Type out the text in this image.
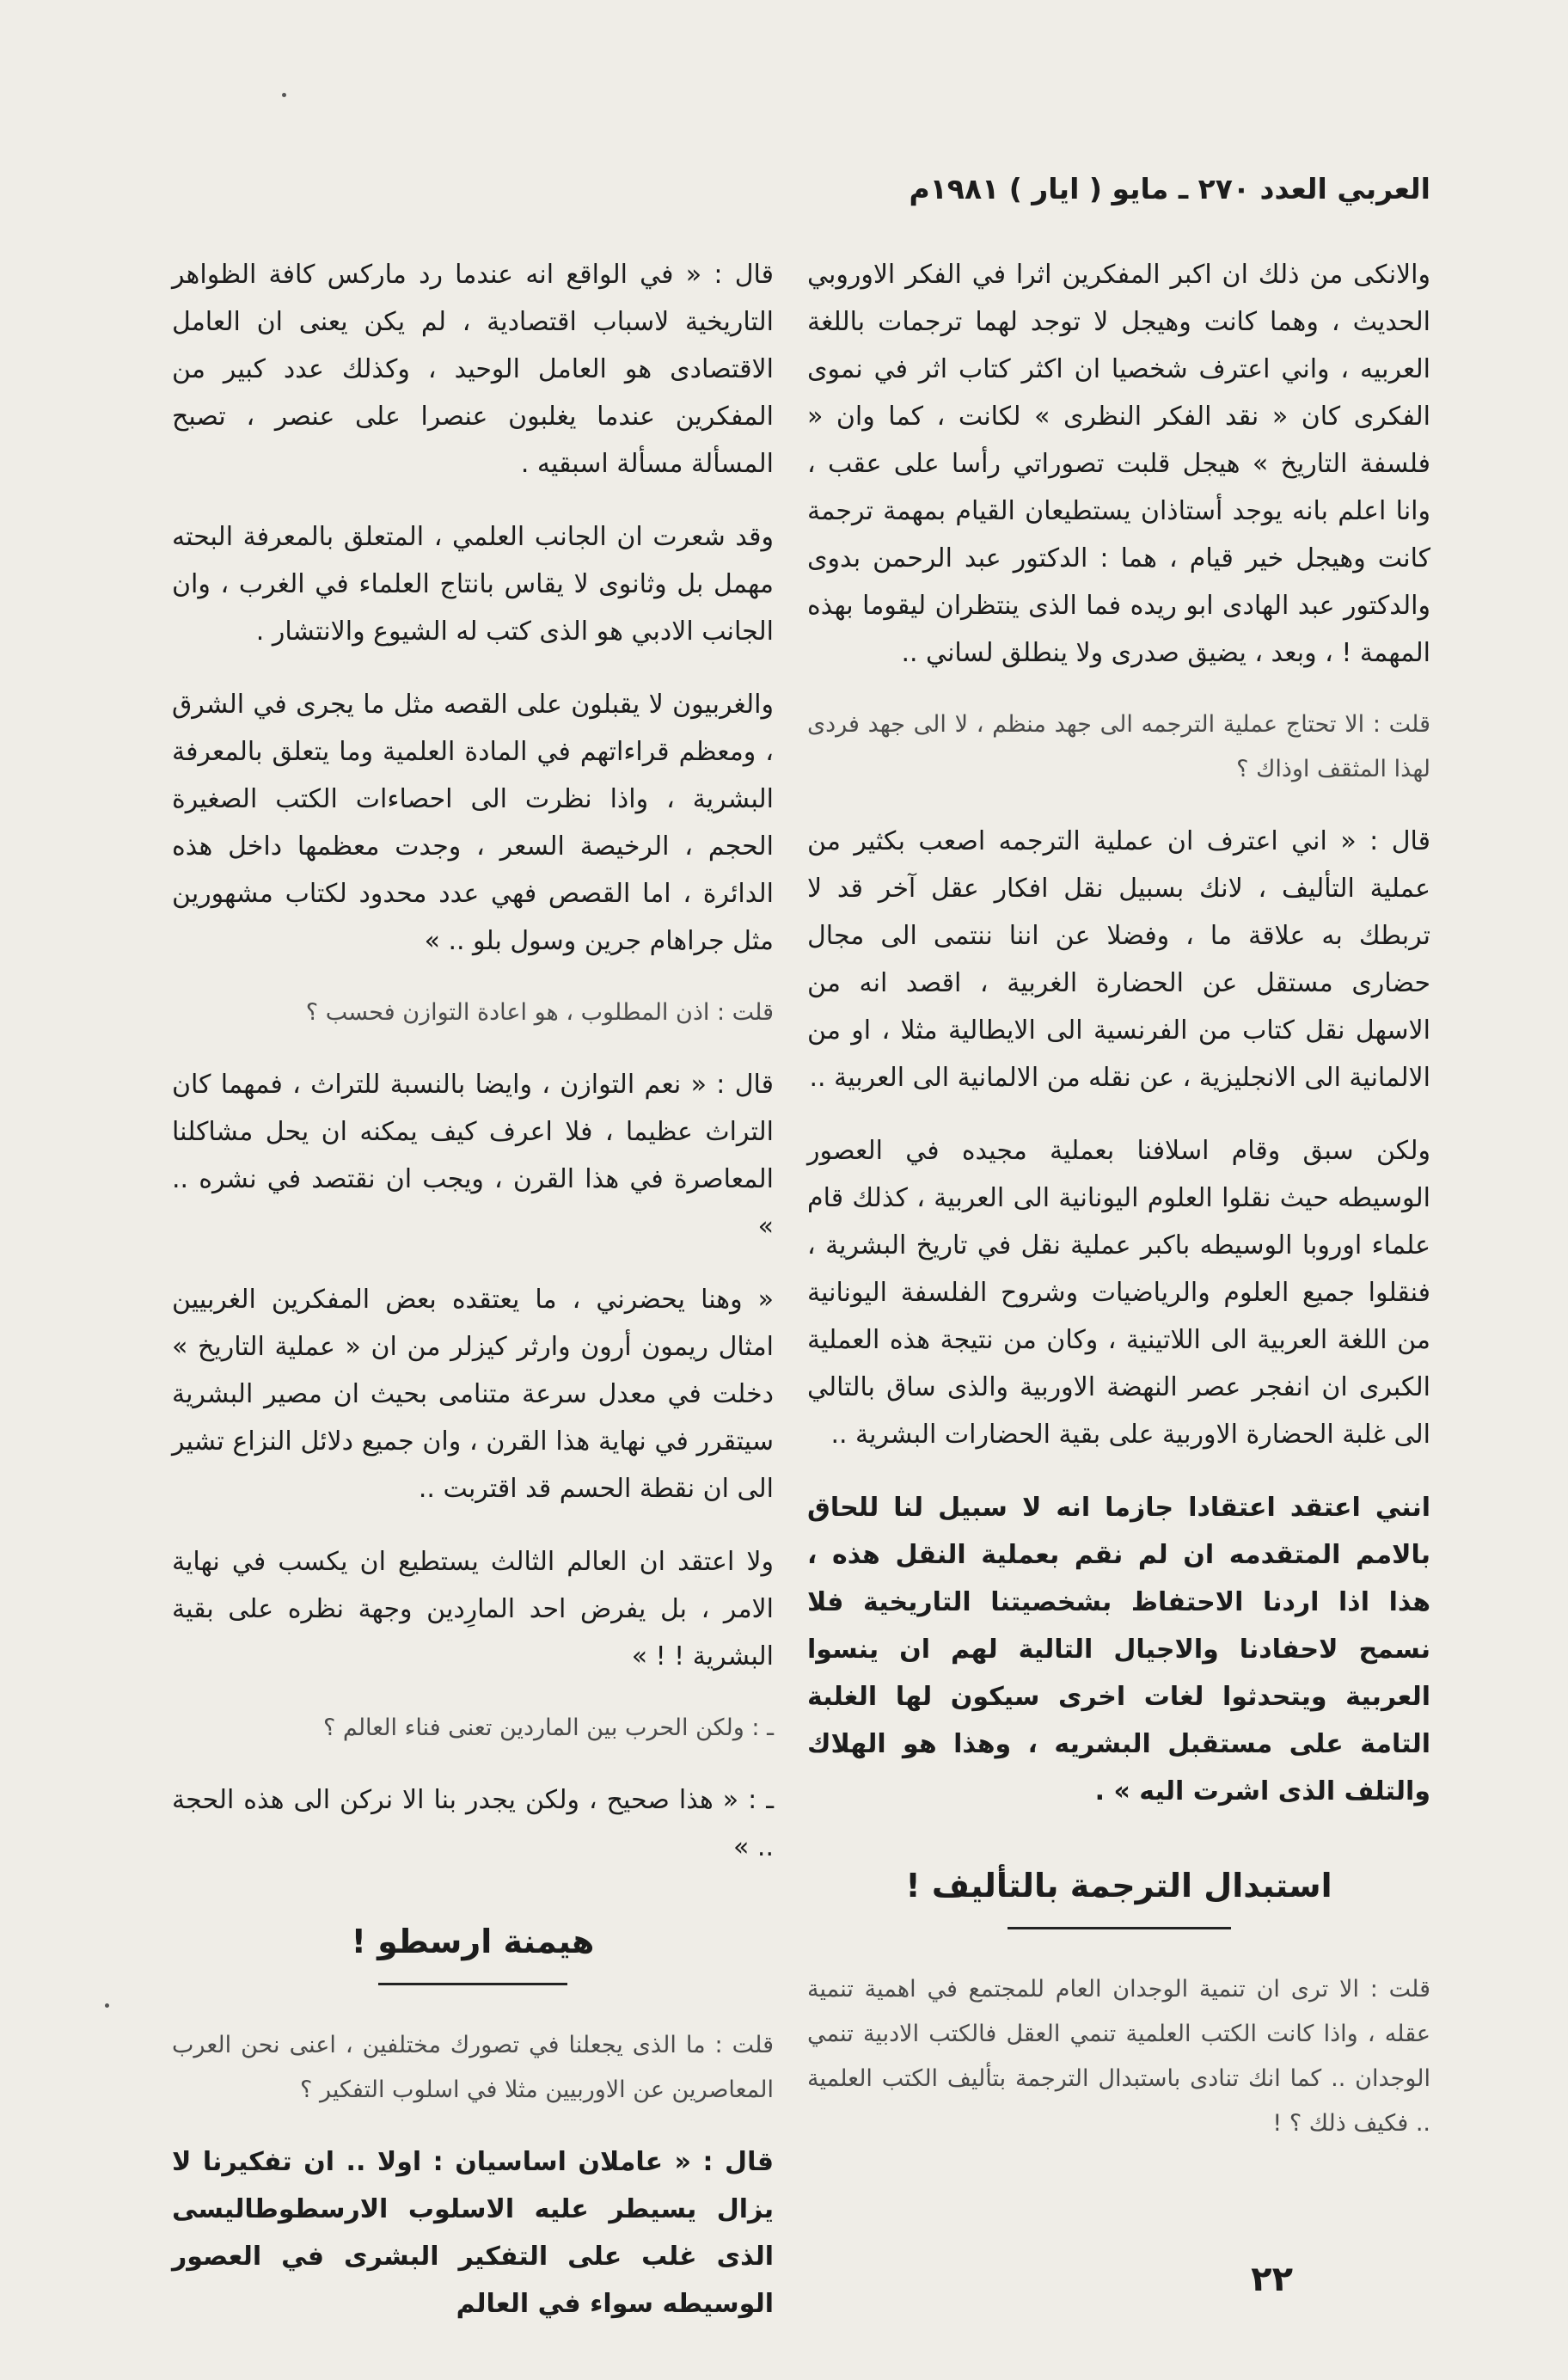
العربي العدد ٢٧٠ ـ مايو ( ايار ) ١٩٨١م

والانكى من ذلك ان اكبر المفكرين اثرا في الفكر الاوروبي الحديث ، وهما كانت وهيجل لا توجد لهما ترجمات باللغة العربيه ، واني اعترف شخصيا ان اكثر كتاب اثر في نموى الفكرى كان « نقد الفكر النظرى » لكانت ، كما وان « فلسفة التاريخ » هيجل قلبت تصوراتي رأسا على عقب ، وانا اعلم بانه يوجد أستاذان يستطيعان القيام بمهمة ترجمة كانت وهيجل خير قيام ، هما : الدكتور عبد الرحمن بدوى والدكتور عبد الهادى ابو ريده فما الذى ينتظران ليقوما بهذه المهمة ! ، وبعد ، يضيق صدرى ولا ينطلق لساني ..

قلت : الا تحتاج عملية الترجمه الى جهد منظم ، لا الى جهد فردى لهذا المثقف اوذاك ؟

قال : « اني اعترف ان عملية الترجمه اصعب بكثير من عملية التأليف ، لانك بسبيل نقل افكار عقل آخر قد لا تربطك به علاقة ما ، وفضلا عن اننا ننتمى الى مجال حضارى مستقل عن الحضارة الغربية ، اقصد انه من الاسهل نقل كتاب من الفرنسية الى الايطالية مثلا ، او من الالمانية الى الانجليزية ، عن نقله من الالمانية الى العربية ..

ولكن سبق وقام اسلافنا بعملية مجيده في العصور الوسيطه حيث نقلوا العلوم اليونانية الى العربية ، كذلك قام علماء اوروبا الوسيطه باكبر عملية نقل في تاريخ البشرية ، فنقلوا جميع العلوم والرياضيات وشروح الفلسفة اليونانية من اللغة العربية الى اللاتينية ، وكان من نتيجة هذه العملية الكبرى ان انفجر عصر النهضة الاوربية والذى ساق بالتالي الى غلبة الحضارة الاوربية على بقية الحضارات البشرية ..

انني اعتقد اعتقادا جازما انه لا سبيل لنا للحاق بالامم المتقدمه ان لم نقم بعملية النقل هذه ، هذا اذا اردنا الاحتفاظ بشخصيتنا التاريخية فلا نسمح لاحفادنا والاجيال التالية لهم ان ينسوا العربية ويتحدثوا لغات اخرى سيكون لها الغلبة التامة على مستقبل البشريه ، وهذا هو الهلاك والتلف الذى اشرت اليه » .

استبدال الترجمة بالتأليف !

قلت : الا ترى ان تنمية الوجدان العام للمجتمع في اهمية تنمية عقله ، واذا كانت الكتب العلمية تنمي العقل فالكتب الادبية تنمي الوجدان .. كما انك تنادى باستبدال الترجمة بتأليف الكتب العلمية .. فكيف ذلك ؟ !

قال : « في الواقع انه عندما رد ماركس كافة الظواهر التاريخية لاسباب اقتصادية ، لم يكن يعنى ان العامل الاقتصادى هو العامل الوحيد ، وكذلك عدد كبير من المفكرين عندما يغلبون عنصرا على عنصر ، تصبح المسألة مسألة اسبقيه .

وقد شعرت ان الجانب العلمي ، المتعلق بالمعرفة البحته مهمل بل وثانوى لا يقاس بانتاج العلماء في الغرب ، وان الجانب الادبي هو الذى كتب له الشيوع والانتشار .

والغربيون لا يقبلون على القصه مثل ما يجرى في الشرق ، ومعظم قراءاتهم في المادة العلمية وما يتعلق بالمعرفة البشرية ، واذا نظرت الى احصاءات الكتب الصغيرة الحجم ، الرخيصة السعر ، وجدت معظمها داخل هذه الدائرة ، اما القصص فهي عدد محدود لكتاب مشهورين مثل جراهام جرين وسول بلو .. »

قلت : اذن المطلوب ، هو اعادة التوازن فحسب ؟

قال : « نعم التوازن ، وايضا بالنسبة للتراث ، فمهما كان التراث عظيما ، فلا اعرف كيف يمكنه ان يحل مشاكلنا المعاصرة في هذا القرن ، ويجب ان نقتصد في نشره .. »

« وهنا يحضرني ، ما يعتقده بعض المفكرين الغربيين امثال ريمون أرون وارثر كيزلر من ان « عملية التاريخ » دخلت في معدل سرعة متنامى بحيث ان مصير البشرية سيتقرر في نهاية هذا القرن ، وان جميع دلائل النزاع تشير الى ان نقطة الحسم قد اقتربت ..

ولا اعتقد ان العالم الثالث يستطيع ان يكسب في نهاية الامر ، بل يفرض احد المارِدين وجهة نظره على بقية البشرية ! ! »

ـ : ولكن الحرب بين الماردين تعنى فناء العالم ؟

ـ : « هذا صحيح ، ولكن يجدر بنا الا نركن الى هذه الحجة .. »

هيمنة ارسطو !

قلت : ما الذى يجعلنا في تصورك مختلفين ، اعنى نحن العرب المعاصرين عن الاوربيين مثلا في اسلوب التفكير ؟

قال : « عاملان اساسيان : اولا .. ان تفكيرنا لا يزال يسيطر عليه الاسلوب الارسطوطاليسى الذى غلب على التفكير البشرى في العصور الوسيطه سواء في العالم

٢٢
